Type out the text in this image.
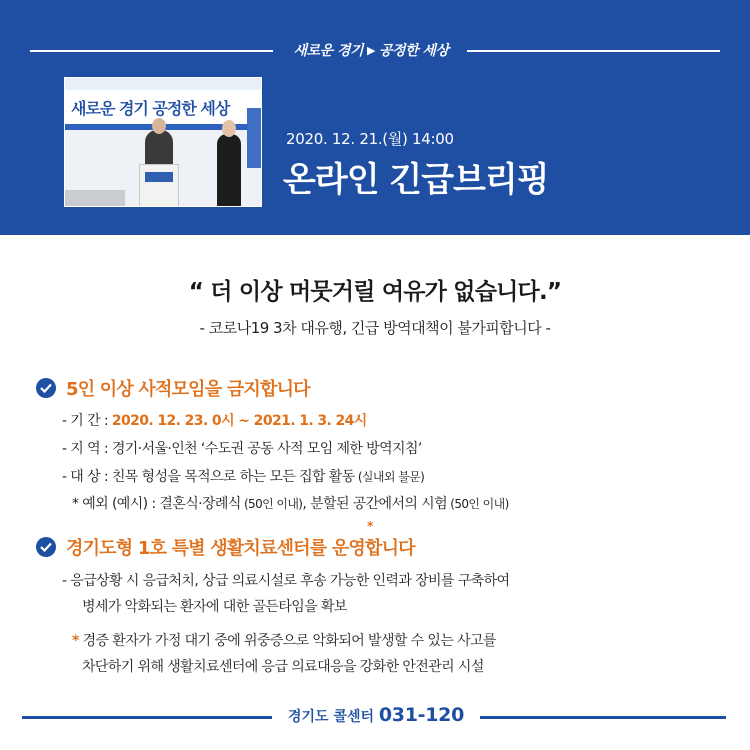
새로운 경기 ▶ 공정한 세상
새로운 경기 공정한 세상
2020. 12. 21.(월) 14:00
온라인 긴급브리핑
“ 더 이상 머뭇거릴 여유가 없습니다.”
- 코로나19 3차 대유행, 긴급 방역대책이 불가피합니다 -
5인 이상 사적모임을 금지합니다
- 기 간 : 2020. 12. 23. 0시 ~ 2021. 1. 3. 24시
- 지 역 : 경기·서울·인천 ‘수도권 공동 사적 모임 제한 방역지침’
- 대 상 : 친목 형성을 목적으로 하는 모든 집합 활동 (실내외 불문)
* 예외 (예시) : 결혼식·장례식 (50인 이내), 분할된 공간에서의 시험 (50인 이내)
*
경기도형 1호 특별 생활치료센터를 운영합니다
- 응급상황 시 응급처치, 상급 의료시설로 후송 가능한 인력과 장비를 구축하여
병세가 악화되는 환자에 대한 골든타임을 확보
* 경증 환자가 가정 대기 중에 위중증으로 악화되어 발생할 수 있는 사고를
차단하기 위해 생활치료센터에 응급 의료대응을 강화한 안전관리 시설
경기도 콜센터 031-120
